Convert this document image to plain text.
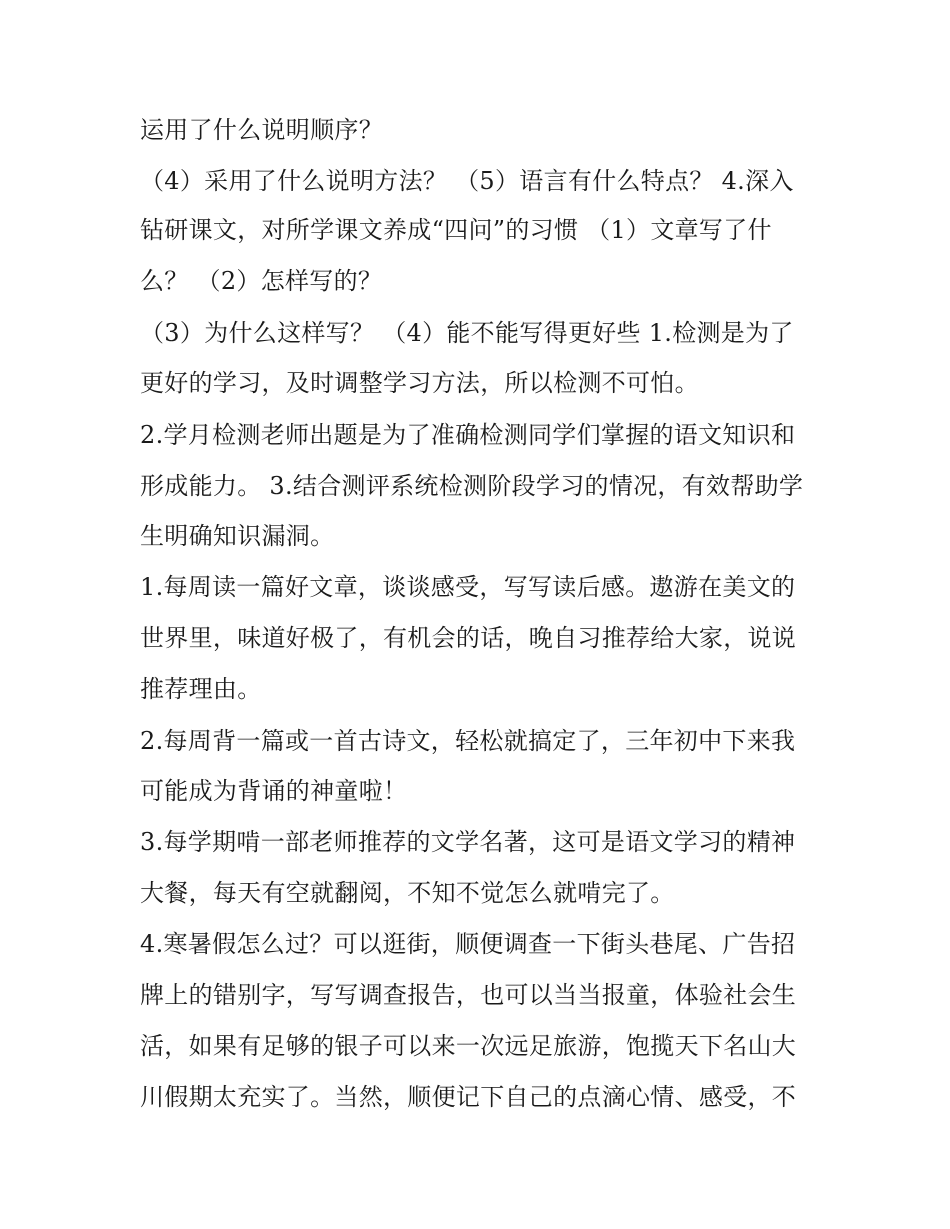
运用了什么说明顺序？
（4）采用了什么说明方法？ （5）语言有什么特点？ 4.深入
钻研课文，对所学课文养成“四问”的习惯 （1）文章写了什
么？ （2）怎样写的？
（3）为什么这样写？ （4）能不能写得更好些 1.检测是为了
更好的学习，及时调整学习方法，所以检测不可怕。
2.学月检测老师出题是为了准确检测同学们掌握的语文知识和
形成能力。 3.结合测评系统检测阶段学习的情况，有效帮助学
生明确知识漏洞。
1.每周读一篇好文章，谈谈感受，写写读后感。遨游在美文的
世界里，味道好极了，有机会的话，晚自习推荐给大家，说说
推荐理由。
2.每周背一篇或一首古诗文，轻松就搞定了，三年初中下来我
可能成为背诵的神童啦！
3.每学期啃一部老师推荐的文学名著，这可是语文学习的精神
大餐，每天有空就翻阅，不知不觉怎么就啃完了。
4.寒暑假怎么过？可以逛街，顺便调查一下街头巷尾、广告招
牌上的错别字，写写调查报告，也可以当当报童，体验社会生
活，如果有足够的银子可以来一次远足旅游，饱揽天下名山大
川假期太充实了。当然，顺便记下自己的点滴心情、感受，不
